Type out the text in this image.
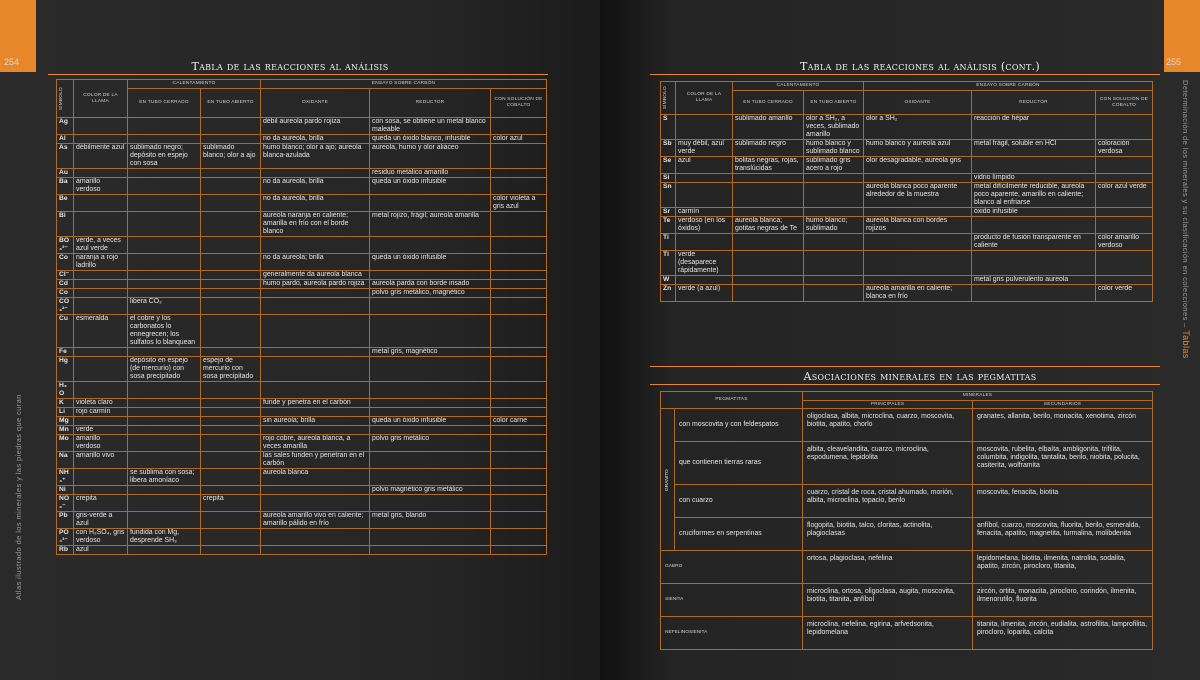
254
Atlas ilustrado de los minerales y las piedras que curan
Tabla de las reacciones al análisis
SÍMBOLO	COLOR DE LA LLAMA	CALENTAMIENTO		ENSAYO SOBRE CARBÓN		
		EN TUBO CERRADO	EN TUBO ABIERTO	OXIDANTE	REDUCTOR	CON SOLUCIÓN DE COBALTO
Ag				débil aureola pardo rojiza	con sosa, se obtiene un metal blanco maleable	
Al				no da aureola, brilla	queda un óxido blanco, infusible	color azul
As	débilmente azul	sublimado negro; depósito en espejo con sosa	sublimado blanco; olor a ajo	humo blanco; olor a ajo; aureola blanca-azulada	aureola, humo y olor aliáceo	
Au					residuo metálico amarillo	
Ba	amarillo verdoso			no da aureola, brilla	queda un óxido infusible	
Be				no da aureola, brilla		color violeta a gris azul
Bi				aureola naranja en caliente; amarilla en frío con el borde blanco	metal rojizo, frágil; aureola amarilla	
BO₃³⁻	verde, a veces azul verde					
Co	naranja a rojo ladrillo			no da aureola; brilla	queda un óxido infusible	
Cl⁻				generalmente da aureola blanca		
Cd				humo pardo, aureola pardo rojiza	aureola parda con borde irisado	
Co					polvo gris metálico, magnético	
CO₃²⁻		libera CO₂				
Cu	esmeralda	el cobre y los carbonatos lo ennegrecen; los sulfatos lo blanquean				
Fe					metal gris, magnético	
Hg		depósito en espejo (de mercurio) con sosa precipitado	espejo de mercurio con sosa precipitado			
H₂O						
K	violeta claro			funde y penetra en el carbón		
Li	rojo carmín					
Mg				sin aureola; brilla	queda un óxido infusible	color carne
Mn	verde					
Mo	amarillo verdoso			rojo cobre, aureola blanca, a veces amarilla	polvo gris metálico	
Na	amarillo vivo			las sales funden y penetran en el carbón		
NH₄⁺		se sublima con sosa; libera amoníaco		aureola blanca		
Ni					polvo magnético gris metálico	
NO₃⁻	crepita		crepita			
Pb	gris-verde a azul			aureola amarillo vivo en caliente; amarillo pálido en frío	metal gris, blando	
PO₄³⁻	con H₂SO₄, gris verdoso	fundida con Mg, desprende SH₃				
Rb	azul					
255
Determinación de los minerales y su clasificación en colecciones – Tablas
Tabla de las reacciones al análisis (cont.)
SÍMBOLO	COLOR DE LA LLAMA	CALENTAMIENTO		ENSAYO SOBRE CARBÓN		
		EN TUBO CERRADO	EN TUBO ABIERTO	OXIDANTE	REDUCTOR	CON SOLUCIÓN DE COBALTO
S		sublimado amarillo	olor a SH₂, a veces, sublimado amarillo	olor a SH₂	reacción de hépar	
Sb	muy débil, azul verde	sublimado negro	humo blanco y sublimado blanco	humo blanco y aureola azul	metal frágil, soluble en HCl	coloración verdosa
Se	azul	bolitas negras, rojas, translúcidas	sublimado gris acero a rojo	olor desagradable, aureola gris		
Si					vidrio límpido	
Sn				aureola blanca poco aparente alrededor de la muestra	metal difícilmente reducible, aureola poco aparente, amarillo en caliente; blanco al enfriarse	color azul verde
Sr	carmín				óxido infusible	
Te	verdoso (en los óxidos)	aureola blanca; gotitas negras de Te	humo blanco; sublimado	aureola blanca con bordes rojizos		
Ti					producto de fusión transparente en caliente	color amarillo verdoso
Tl	verde (desaparece rápidamente)					
W					metal gris pulverulento aureola	
Zn	verde (a azul)			aureola amarilla en caliente; blanca en frío		color verde
Asociaciones minerales en las pegmatitas
PEGMATITAS		MINERALES	
		PRINCIPALES	SECUNDARIOS
GRANITO	con moscovita y con feldespatos	oligoclasa, albita, microclina, cuarzo, moscovita, biotita, apatito, chorlo	granates, allanita, berilo, monacita, xenotima, zircón
	que contienen tierras raras	albita, cleavelandita, cuarzo, microclina, espodumena, lepidolita	moscovita, rubelita, elbaíta, ambligonita, trifilita, columbita, indigolita, tantalita, berilo, niobita, polucita, casiterita, wolframita
	con cuarzo	cuarzo, cristal de roca, cristal ahumado, morión, albita, microclina, topacio, berilo	moscovita, fenacita, biotita
	cruciformes en serpentinas	flogopita, biotita, talco, cloritas, actinolita, plagioclasas	anfíbol, cuarzo, moscovita, fluorita, berilo, esmeralda, fenacita, apatito, magnetita, turmalina, molibdenita
GABRO		ortosa, plagioclasa, nefelina	lepidomelana, biotita, ilmenita, natrolita, sodalita, apatito, zircón, pirocloro, titanita,
SIENITA		microclina, ortosa, oligoclasa, augita, moscovita, biotita, titanita, anfíbol	zircón, ortita, monacita, pirocloro, corindón, ilmenita, ilmenorutilo, fluorita
NEFELINOSIENITA		microclina, nefelina, egirina, arfvedsonita, lepidomelana	titanita, ilmenita, zircón, eudialita, astrofilita, lamprofilita, pirocloro, loparita, calcita
